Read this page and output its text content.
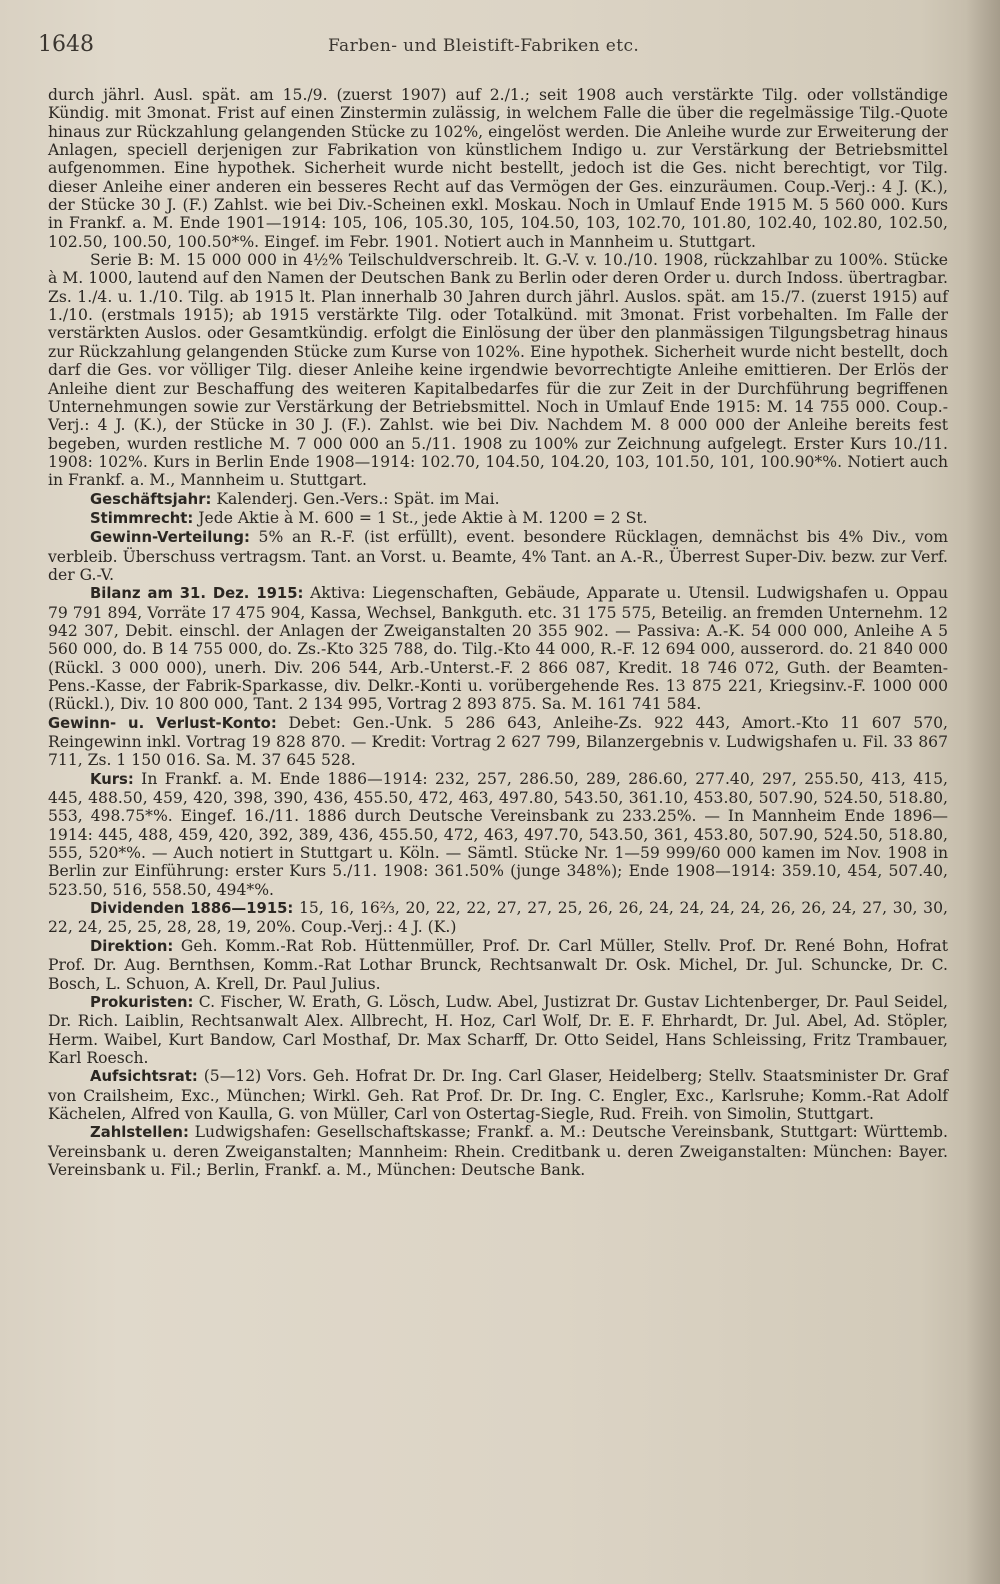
1648	Farben- und Bleistift-Fabriken etc.

durch jährl. Ausl. spät. am 15./9. (zuerst 1907) auf 2./1.; seit 1908 auch verstärkte Tilg. oder vollständige Kündig. mit 3monat. Frist auf einen Zinstermin zulässig, in welchem Falle die über die regelmässige Tilg.-Quote hinaus zur Rückzahlung gelangenden Stücke zu 102%, eingelöst werden. Die Anleihe wurde zur Erweiterung der Anlagen, speciell derjenigen zur Fabrikation von künstlichem Indigo u. zur Verstärkung der Betriebsmittel aufgenommen. Eine hypothek. Sicherheit wurde nicht bestellt, jedoch ist die Ges. nicht berechtigt, vor Tilg. dieser Anleihe einer anderen ein besseres Recht auf das Vermögen der Ges. einzuräumen. Coup.-Verj.: 4 J. (K.), der Stücke 30 J. (F.) Zahlst. wie bei Div.-Scheinen exkl. Moskau. Noch in Umlauf Ende 1915 M. 5 560 000. Kurs in Frankf. a. M. Ende 1901—1914: 105, 106, 105.30, 105, 104.50, 103, 102.70, 101.80, 102.40, 102.80, 102.50, 102.50, 100.50, 100.50*%. Eingef. im Febr. 1901. Notiert auch in Mannheim u. Stuttgart.

Serie B: M. 15 000 000 in 4½% Teilschuldverschreib. lt. G.-V. v. 10./10. 1908, rückzahlbar zu 100%. Stücke à M. 1000, lautend auf den Namen der Deutschen Bank zu Berlin oder deren Order u. durch Indoss. übertragbar. Zs. 1./4. u. 1./10. Tilg. ab 1915 lt. Plan innerhalb 30 Jahren durch jährl. Auslos. spät. am 15./7. (zuerst 1915) auf 1./10. (erstmals 1915); ab 1915 verstärkte Tilg. oder Totalkünd. mit 3monat. Frist vorbehalten. Im Falle der verstärkten Auslos. oder Gesamtkündig. erfolgt die Einlösung der über den planmässigen Tilgungsbetrag hinaus zur Rückzahlung gelangenden Stücke zum Kurse von 102%. Eine hypothek. Sicherheit wurde nicht bestellt, doch darf die Ges. vor völliger Tilg. dieser Anleihe keine irgendwie bevorrechtigte Anleihe emittieren. Der Erlös der Anleihe dient zur Beschaffung des weiteren Kapitalbedarfes für die zur Zeit in der Durchführung begriffenen Unternehmungen sowie zur Verstärkung der Betriebsmittel. Noch in Umlauf Ende 1915: M. 14 755 000. Coup.-Verj.: 4 J. (K.), der Stücke in 30 J. (F.). Zahlst. wie bei Div. Nachdem M. 8 000 000 der Anleihe bereits fest begeben, wurden restliche M. 7 000 000 an 5./11. 1908 zu 100% zur Zeichnung aufgelegt. Erster Kurs 10./11. 1908: 102%. Kurs in Berlin Ende 1908—1914: 102.70, 104.50, 104.20, 103, 101.50, 101, 100.90*%. Notiert auch in Frankf. a. M., Mannheim u. Stuttgart.

Geschäftsjahr: Kalenderj. Gen.-Vers.: Spät. im Mai.

Stimmrecht: Jede Aktie à M. 600 = 1 St., jede Aktie à M. 1200 = 2 St.

Gewinn-Verteilung: 5% an R.-F. (ist erfüllt), event. besondere Rücklagen, demnächst bis 4% Div., vom verbleib. Überschuss vertragsm. Tant. an Vorst. u. Beamte, 4% Tant. an A.-R., Überrest Super-Div. bezw. zur Verf. der G.-V.

Bilanz am 31. Dez. 1915: Aktiva: Liegenschaften, Gebäude, Apparate u. Utensil. Ludwigshafen u. Oppau 79 791 894, Vorräte 17 475 904, Kassa, Wechsel, Bankguth. etc. 31 175 575, Beteilig. an fremden Unternehm. 12 942 307, Debit. einschl. der Anlagen der Zweiganstalten 20 355 902. — Passiva: A.-K. 54 000 000, Anleihe A 5 560 000, do. B 14 755 000, do. Zs.-Kto 325 788, do. Tilg.-Kto 44 000, R.-F. 12 694 000, ausserord. do. 21 840 000 (Rückl. 3 000 000), unerh. Div. 206 544, Arb.-Unterst.-F. 2 866 087, Kredit. 18 746 072, Guth. der Beamten-Pens.-Kasse, der Fabrik-Sparkasse, div. Delkr.-Konti u. vorübergehende Res. 13 875 221, Kriegsinv.-F. 1000 000 (Rückl.), Div. 10 800 000, Tant. 2 134 995, Vortrag 2 893 875. Sa. M. 161 741 584.

Gewinn- u. Verlust-Konto: Debet: Gen.-Unk. 5 286 643, Anleihe-Zs. 922 443, Amort.-Kto 11 607 570, Reingewinn inkl. Vortrag 19 828 870. — Kredit: Vortrag 2 627 799, Bilanzergebnis v. Ludwigshafen u. Fil. 33 867 711, Zs. 1 150 016. Sa. M. 37 645 528.

Kurs: In Frankf. a. M. Ende 1886—1914: 232, 257, 286.50, 289, 286.60, 277.40, 297, 255.50, 413, 415, 445, 488.50, 459, 420, 398, 390, 436, 455.50, 472, 463, 497.80, 543.50, 361.10, 453.80, 507.90, 524.50, 518.80, 553, 498.75*%. Eingef. 16./11. 1886 durch Deutsche Vereinsbank zu 233.25%. — In Mannheim Ende 1896—1914: 445, 488, 459, 420, 392, 389, 436, 455.50, 472, 463, 497.70, 543.50, 361, 453.80, 507.90, 524.50, 518.80, 555, 520*%. — Auch notiert in Stuttgart u. Köln. — Sämtl. Stücke Nr. 1—59 999/60 000 kamen im Nov. 1908 in Berlin zur Einführung: erster Kurs 5./11. 1908: 361.50% (junge 348%); Ende 1908—1914: 359.10, 454, 507.40, 523.50, 516, 558.50, 494*%.

Dividenden 1886—1915: 15, 16, 16⅔, 20, 22, 22, 27, 27, 25, 26, 26, 24, 24, 24, 24, 26, 26, 24, 27, 30, 30, 22, 24, 25, 25, 28, 28, 19, 20%. Coup.-Verj.: 4 J. (K.)

Direktion: Geh. Komm.-Rat Rob. Hüttenmüller, Prof. Dr. Carl Müller, Stellv. Prof. Dr. René Bohn, Hofrat Prof. Dr. Aug. Bernthsen, Komm.-Rat Lothar Brunck, Rechtsanwalt Dr. Osk. Michel, Dr. Jul. Schuncke, Dr. C. Bosch, L. Schuon, A. Krell, Dr. Paul Julius.

Prokuristen: C. Fischer, W. Erath, G. Lösch, Ludw. Abel, Justizrat Dr. Gustav Lichtenberger, Dr. Paul Seidel, Dr. Rich. Laiblin, Rechtsanwalt Alex. Allbrecht, H. Hoz, Carl Wolf, Dr. E. F. Ehrhardt, Dr. Jul. Abel, Ad. Stöpler, Herm. Waibel, Kurt Bandow, Carl Mosthaf, Dr. Max Scharff, Dr. Otto Seidel, Hans Schleissing, Fritz Trambauer, Karl Roesch.

Aufsichtsrat: (5—12) Vors. Geh. Hofrat Dr. Dr. Ing. Carl Glaser, Heidelberg; Stellv. Staatsminister Dr. Graf von Crailsheim, Exc., München; Wirkl. Geh. Rat Prof. Dr. Dr. Ing. C. Engler, Exc., Karlsruhe; Komm.-Rat Adolf Kächelen, Alfred von Kaulla, G. von Müller, Carl von Ostertag-Siegle, Rud. Freih. von Simolin, Stuttgart.

Zahlstellen: Ludwigshafen: Gesellschaftskasse; Frankf. a. M.: Deutsche Vereinsbank, Stuttgart: Württemb. Vereinsbank u. deren Zweiganstalten; Mannheim: Rhein. Creditbank u. deren Zweiganstalten: München: Bayer. Vereinsbank u. Fil.; Berlin, Frankf. a. M., München: Deutsche Bank.
